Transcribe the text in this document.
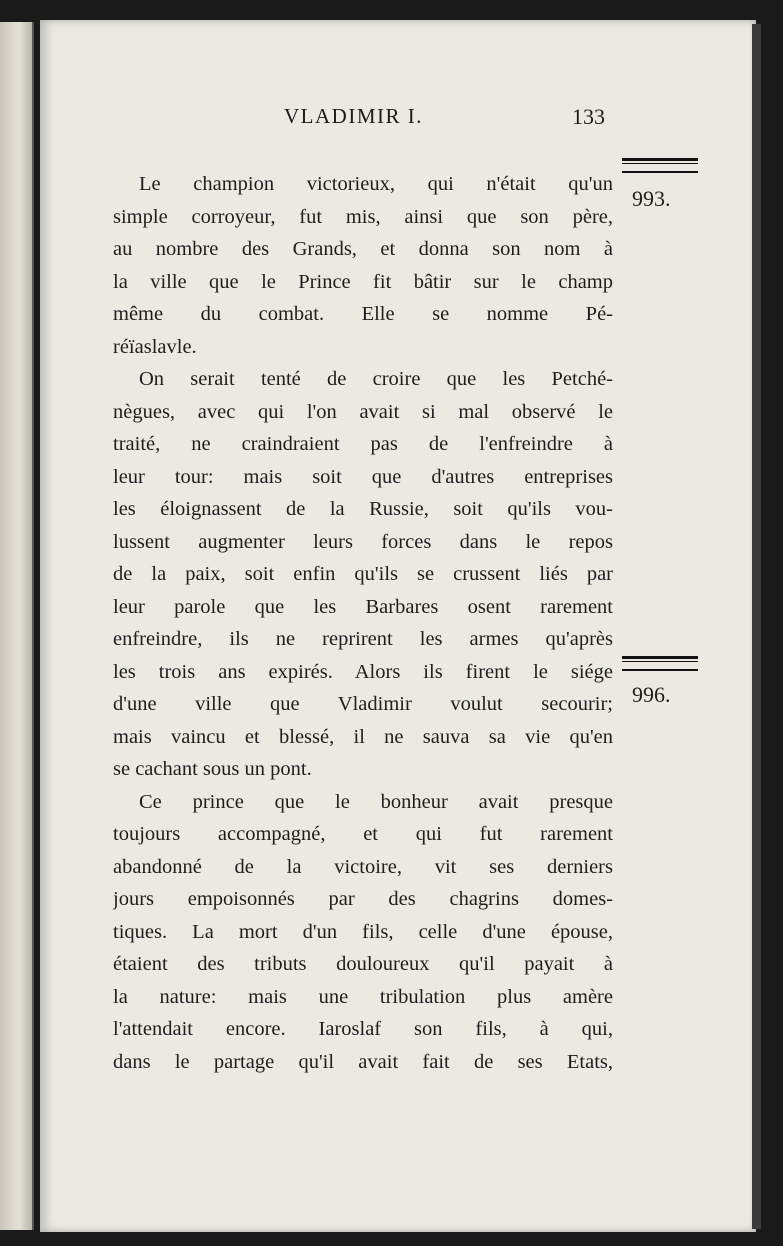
VLADIMIR I.	133
993.
996.
Le champion victorieux, qui n'était qu'un
simple corroyeur, fut mis, ainsi que son père,
au nombre des Grands, et donna son nom à
la ville que le Prince fit bâtir sur le champ
même du combat. Elle se nomme Pé-
réïaslavle.
On serait tenté de croire que les Petché-
nègues, avec qui l'on avait si mal observé le
traité, ne craindraient pas de l'enfreindre à
leur tour: mais soit que d'autres entreprises
les éloignassent de la Russie, soit qu'ils vou-
lussent augmenter leurs forces dans le repos
de la paix, soit enfin qu'ils se crussent liés par
leur parole que les Barbares osent rarement
enfreindre, ils ne reprirent les armes qu'après
les trois ans expirés. Alors ils firent le siége
d'une ville que Vladimir voulut secourir;
mais vaincu et blessé, il ne sauva sa vie qu'en
se cachant sous un pont.
Ce prince que le bonheur avait presque
toujours accompagné, et qui fut rarement
abandonné de la victoire, vit ses derniers
jours empoisonnés par des chagrins domes-
tiques. La mort d'un fils, celle d'une épouse,
étaient des tributs douloureux qu'il payait à
la nature: mais une tribulation plus amère
l'attendait encore. Iaroslaf son fils, à qui,
dans le partage qu'il avait fait de ses Etats,
